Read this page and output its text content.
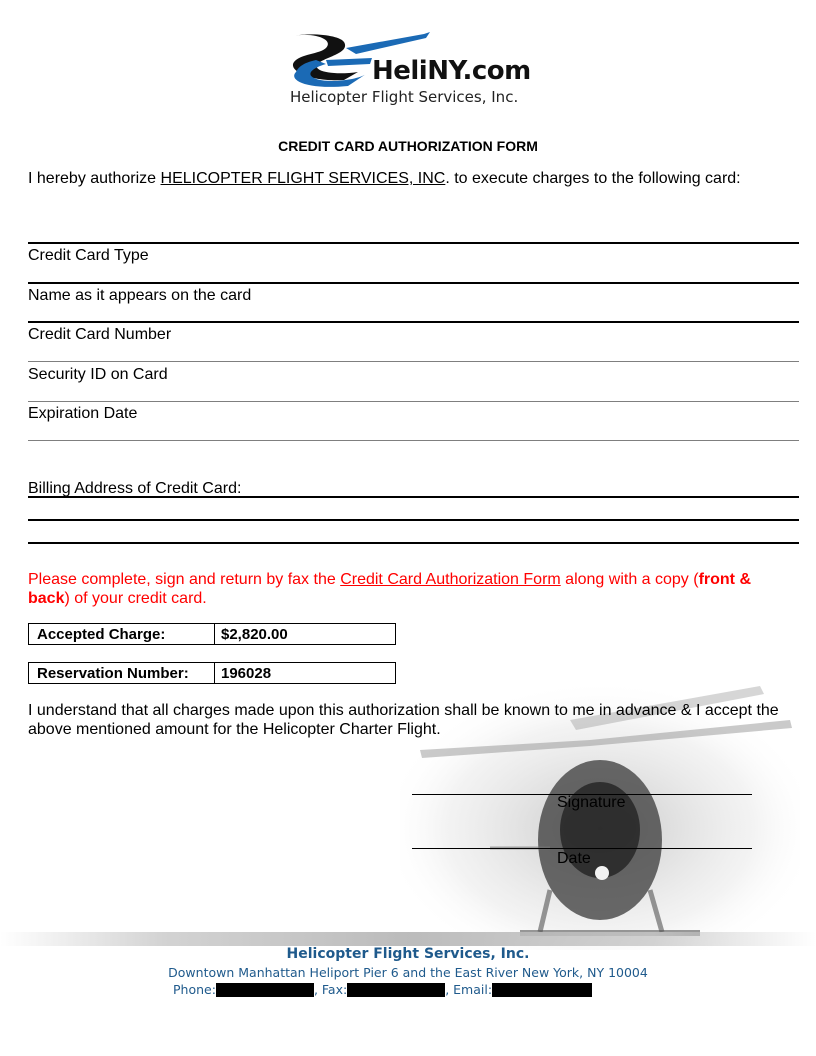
HeliNY.com
Helicopter Flight Services, Inc.
CREDIT CARD AUTHORIZATION FORM
I hereby authorize HELICOPTER FLIGHT SERVICES, INC. to execute charges to the following card:
Credit Card Type
Name as it appears on the card
Credit Card Number
Security ID on Card
Expiration Date
Billing Address of Credit Card:
Please complete, sign and return by fax the Credit Card Authorization Form along with a copy (front & back) of your credit card.
Accepted Charge:	$2,820.00
Reservation Number:	196028
I understand that all charges made upon this authorization shall be known to me in advance & I accept the above mentioned amount for the Helicopter Charter Flight.
Signature
Date
Helicopter Flight Services, Inc.
Downtown Manhattan Heliport Pier 6 and the East River New York, NY 10004
Phone:	, Fax:	, Email:
